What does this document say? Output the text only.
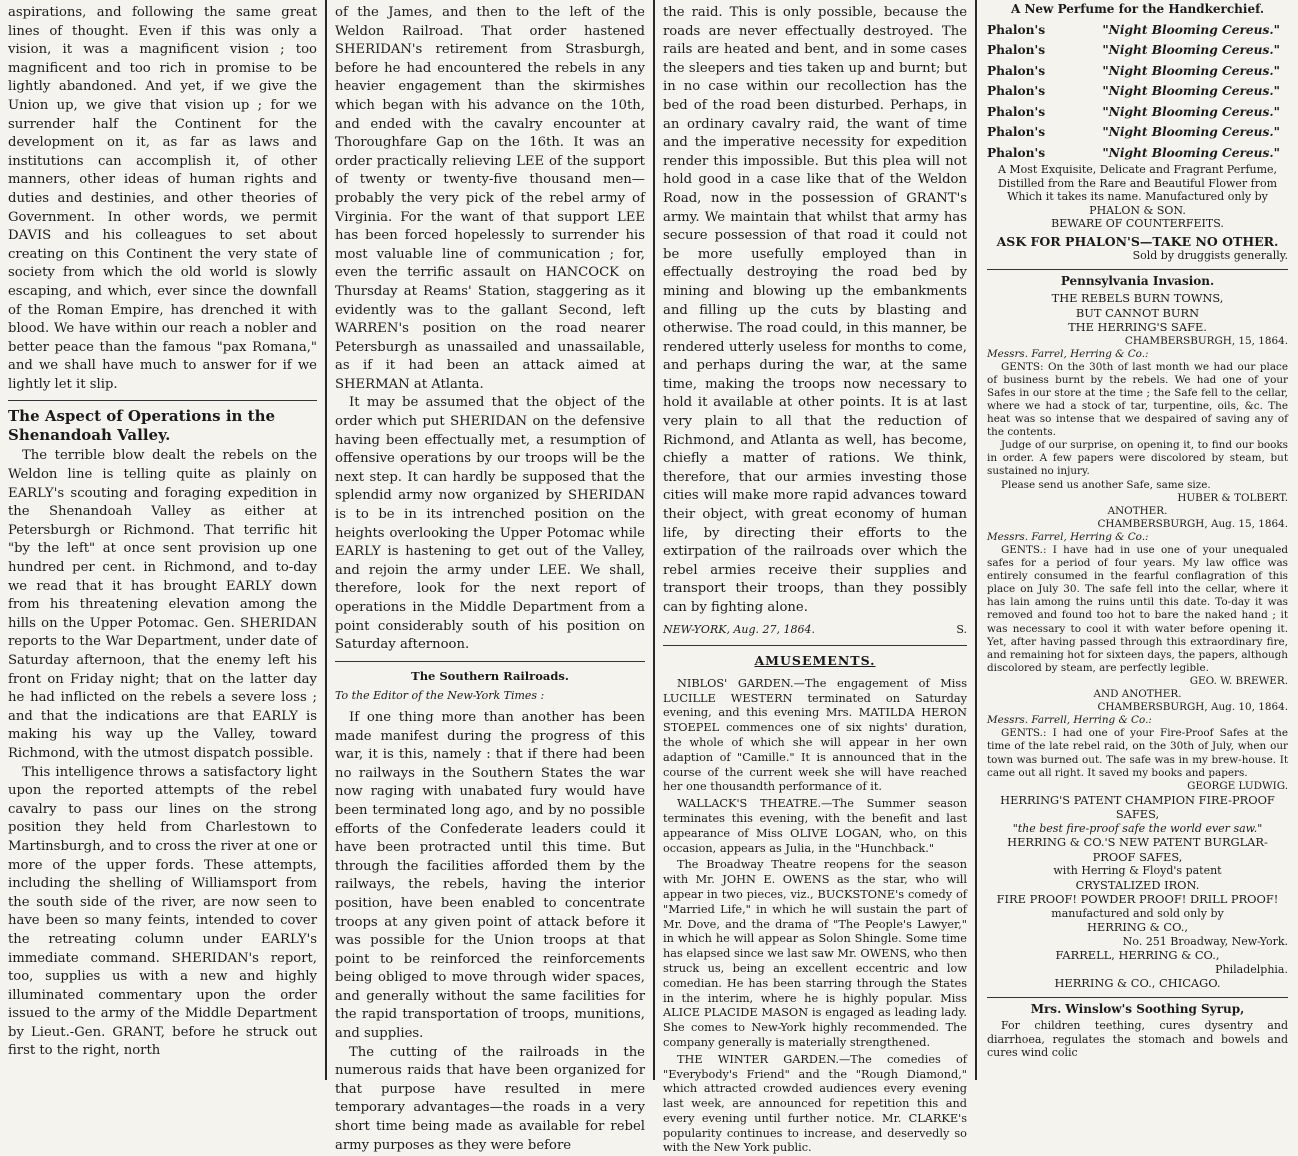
aspirations, and following the same great lines of thought. Even if this was only a vision, it was a magnificent vision ; too magnificent and too rich in promise to be lightly abandoned. And yet, if we give the Union up, we give that vision up ; for we surrender half the Continent for the development on it, as far as laws and institutions can accomplish it, of other manners, other ideas of human rights and duties and destinies, and other theories of Government. In other words, we permit DAVIS and his colleagues to set about creating on this Continent the very state of society from which the old world is slowly escaping, and which, ever since the downfall of the Roman Empire, has drenched it with blood. We have within our reach a nobler and better peace than the famous "pax Romana," and we shall have much to answer for if we lightly let it slip.

The Aspect of Operations in the Shenandoah Valley.

The terrible blow dealt the rebels on the Weldon line is telling quite as plainly on EARLY's scouting and foraging expedition in the Shenandoah Valley as either at Petersburgh or Richmond. That terrific hit "by the left" at once sent provision up one hundred per cent. in Richmond, and to-day we read that it has brought EARLY down from his threatening elevation among the hills on the Upper Potomac. Gen. SHERIDAN reports to the War Department, under date of Saturday afternoon, that the enemy left his front on Friday night; that on the latter day he had inflicted on the rebels a severe loss ; and that the indications are that EARLY is making his way up the Valley, toward Richmond, with the utmost dispatch possible.

This intelligence throws a satisfactory light upon the reported attempts of the rebel cavalry to pass our lines on the strong position they held from Charlestown to Martinsburgh, and to cross the river at one or more of the upper fords. These attempts, including the shelling of Williamsport from the south side of the river, are now seen to have been so many feints, intended to cover the retreating column under EARLY's immediate command. SHERIDAN's report, too, supplies us with a new and highly illuminated commentary upon the order issued to the army of the Middle Department by Lieut.-Gen. GRANT, before he struck out first to the right, north

of the James, and then to the left of the Weldon Railroad. That order hastened SHERIDAN's retirement from Strasburgh, before he had encountered the rebels in any heavier engagement than the skirmishes which began with his advance on the 10th, and ended with the cavalry encounter at Thoroughfare Gap on the 16th. It was an order practically relieving LEE of the support of twenty or twenty-five thousand men—probably the very pick of the rebel army of Virginia. For the want of that support LEE has been forced hopelessly to surrender his most valuable line of communication ; for, even the terrific assault on HANCOCK on Thursday at Reams' Station, staggering as it evidently was to the gallant Second, left WARREN's position on the road nearer Petersburgh as unassailed and unassailable, as if it had been an attack aimed at SHERMAN at Atlanta.

It may be assumed that the object of the order which put SHERIDAN on the defensive having been effectually met, a resumption of offensive operations by our troops will be the next step. It can hardly be supposed that the splendid army now organized by SHERIDAN is to be in its intrenched position on the heights overlooking the Upper Potomac while EARLY is hastening to get out of the Valley, and rejoin the army under LEE. We shall, therefore, look for the next report of operations in the Middle Department from a point considerably south of his position on Saturday afternoon.

The Southern Railroads.
To the Editor of the New-York Times :

If one thing more than another has been made manifest during the progress of this war, it is this, namely : that if there had been no railways in the Southern States the war now raging with unabated fury would have been terminated long ago, and by no possible efforts of the Confederate leaders could it have been protracted until this time. But through the facilities afforded them by the railways, the rebels, having the interior position, have been enabled to concentrate troops at any given point of attack before it was possible for the Union troops at that point to be reinforced the reinforcements being obliged to move through wider spaces, and generally without the same facilities for the rapid transportation of troops, munitions, and supplies.

The cutting of the railroads in the numerous raids that have been organized for that purpose have resulted in mere temporary advantages—the roads in a very short time being made as available for rebel army purposes as they were before

the raid. This is only possible, because the roads are never effectually destroyed. The rails are heated and bent, and in some cases the sleepers and ties taken up and burnt; but in no case within our recollection has the bed of the road been disturbed. Perhaps, in an ordinary cavalry raid, the want of time and the imperative necessity for expedition render this impossible. But this plea will not hold good in a case like that of the Weldon Road, now in the possession of GRANT's army. We maintain that whilst that army has secure possession of that road it could not be more usefully employed than in effectually destroying the road bed by mining and blowing up the embankments and filling up the cuts by blasting and otherwise. The road could, in this manner, be rendered utterly useless for months to come, and perhaps during the war, at the same time, making the troops now necessary to hold it available at other points. It is at last very plain to all that the reduction of Richmond, and Atlanta as well, has become, chiefly a matter of rations. We think, therefore, that our armies investing those cities will make more rapid advances toward their object, with great economy of human life, by directing their efforts to the extirpation of the railroads over which the rebel armies receive their supplies and transport their troops, than they possibly can by fighting alone.

NEW-YORK, Aug. 27, 1864.	S.
AMUSEMENTS.

NIBLOS' GARDEN.—The engagement of Miss LUCILLE WESTERN terminated on Saturday evening, and this evening Mrs. MATILDA HERON STOEPEL commences one of six nights' duration, the whole of which she will appear in her own adaption of "Camille." It is announced that in the course of the current week she will have reached her one thousandth performance of it.

WALLACK'S THEATRE.—The Summer season terminates this evening, with the benefit and last appearance of Miss OLIVE LOGAN, who, on this occasion, appears as Julia, in the "Hunchback."

The Broadway Theatre reopens for the season with Mr. JOHN E. OWENS as the star, who will appear in two pieces, viz., BUCKSTONE's comedy of "Married Life," in which he will sustain the part of Mr. Dove, and the drama of "The People's Lawyer," in which he will appear as Solon Shingle. Some time has elapsed since we last saw Mr. OWENS, who then struck us, being an excellent eccentric and low comedian. He has been starring through the States in the interim, where he is highly popular. Miss ALICE PLACIDE MASON is engaged as leading lady. She comes to New-York highly recommended. The company generally is materially strengthened.

THE WINTER GARDEN.—The comedies of "Everybody's Friend" and the "Rough Diamond," which attracted crowded audiences every evening last week, are announced for repetition this and every evening until further notice. Mr. CLARKE's popularity continues to increase, and deservedly so with the New York public.

A New Perfume for the Handkerchief.
Phalon's	"Night Blooming Cereus."
Phalon's	"Night Blooming Cereus."
Phalon's	"Night Blooming Cereus."
Phalon's	"Night Blooming Cereus."
Phalon's	"Night Blooming Cereus."
Phalon's	"Night Blooming Cereus."
Phalon's	"Night Blooming Cereus."

A Most Exquisite, Delicate and Fragrant Perfume, Distilled from the Rare and Beautiful Flower from Which it takes its name. Manufactured only by PHALON & SON.

BEWARE OF COUNTERFEITS.

ASK FOR PHALON'S—TAKE NO OTHER.

Sold by druggists generally.

Pennsylvania Invasion.
THE REBELS BURN TOWNS,
BUT CANNOT BURN
THE HERRING'S SAFE.

CHAMBERSBURGH, 15, 1864.

Messrs. Farrel, Herring & Co.:

GENTS: On the 30th of last month we had our place of business burnt by the rebels. We had one of your Safes in our store at the time ; the Safe fell to the cellar, where we had a stock of tar, turpentine, oils, &c. The heat was so intense that we despaired of saving any of the contents.

Judge of our surprise, on opening it, to find our books in order. A few papers were discolored by steam, but sustained no injury.

Please send us another Safe, same size.

HUBER & TOLBERT.

ANOTHER.

CHAMBERSBURGH, Aug. 15, 1864.

Messrs. Farrel, Herring & Co.:

GENTS.: I have had in use one of your unequaled safes for a period of four years. My law office was entirely consumed in the fearful conflagration of this place on July 30. The safe fell into the cellar, where it has lain among the ruins until this date. To-day it was removed and found too hot to bare the naked hand ; it was necessary to cool it with water before opening it. Yet, after having passed through this extraordinary fire, and remaining hot for sixteen days, the papers, although discolored by steam, are perfectly legible.

GEO. W. BREWER.

AND ANOTHER.

CHAMBERSBURGH, Aug. 10, 1864.

Messrs. Farrell, Herring & Co.:

GENTS.: I had one of your Fire-Proof Safes at the time of the late rebel raid, on the 30th of July, when our town was burned out. The safe was in my brew-house. It came out all right. It saved my books and papers.

GEORGE LUDWIG.

HERRING'S PATENT CHAMPION FIRE-PROOF SAFES,

"the best fire-proof safe the world ever saw."

HERRING & CO.'S NEW PATENT BURGLAR-PROOF SAFES,

with Herring & Floyd's patent

CRYSTALIZED IRON.
FIRE PROOF! POWDER PROOF! DRILL PROOF!

manufactured and sold only by

HERRING & CO.,

No. 251 Broadway, New-York.

FARRELL, HERRING & CO.,

Philadelphia.

HERRING & CO., CHICAGO.
Mrs. Winslow's Soothing Syrup,

For children teething, cures dysentry and diarrhoea, regulates the stomach and bowels and cures wind colic
